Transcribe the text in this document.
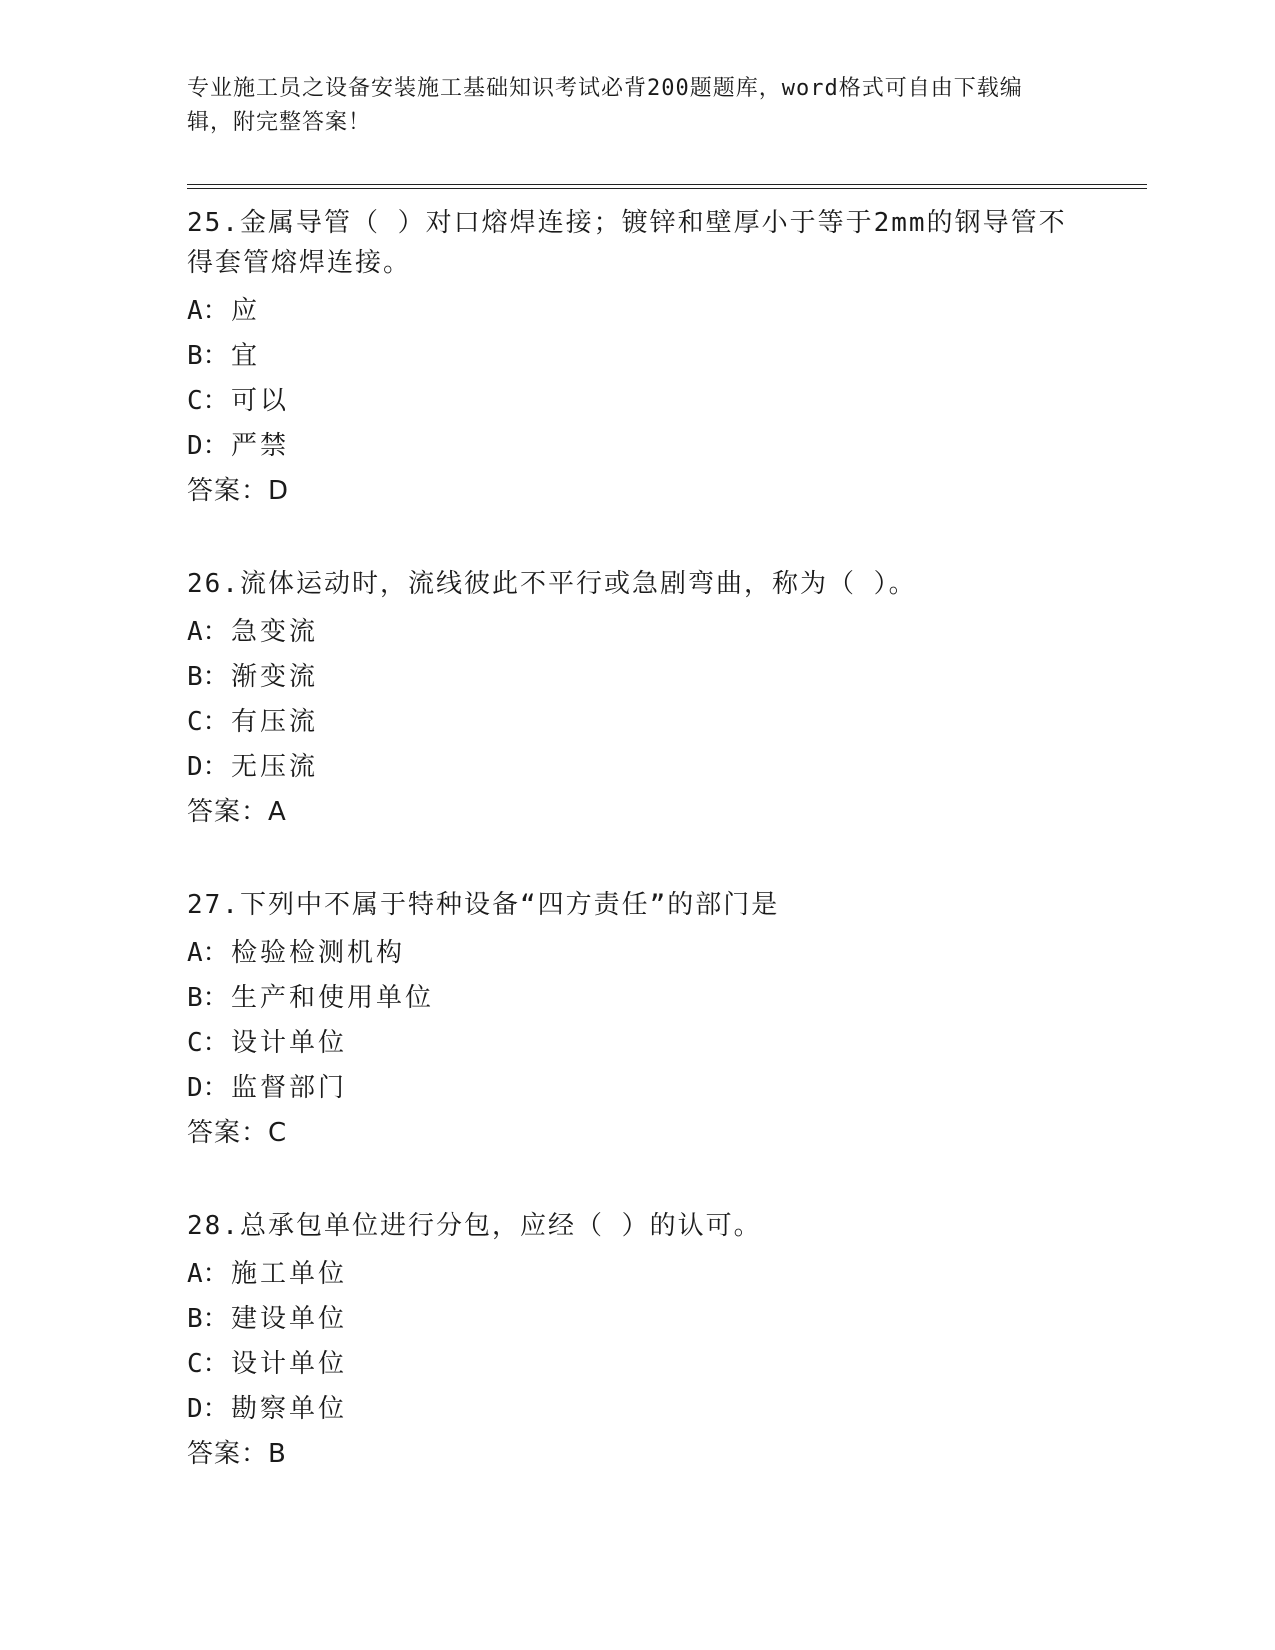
专业施工员之设备安装施工基础知识考试必背200题题库，word格式可自由下载编辑，附完整答案！

25.金属导管（ ）对口熔焊连接；镀锌和壁厚小于等于2mm的钢导管不得套管熔焊连接。

A：应

B：宜

C：可以

D：严禁

答案：D

26.流体运动时，流线彼此不平行或急剧弯曲，称为（ ）。

A：急变流

B：渐变流

C：有压流

D：无压流

答案：A

27.下列中不属于特种设备“四方责任”的部门是

A：检验检测机构

B：生产和使用单位

C：设计单位

D：监督部门

答案：C

28.总承包单位进行分包，应经（ ）的认可。

A：施工单位

B：建设单位

C：设计单位

D：勘察单位

答案：B
